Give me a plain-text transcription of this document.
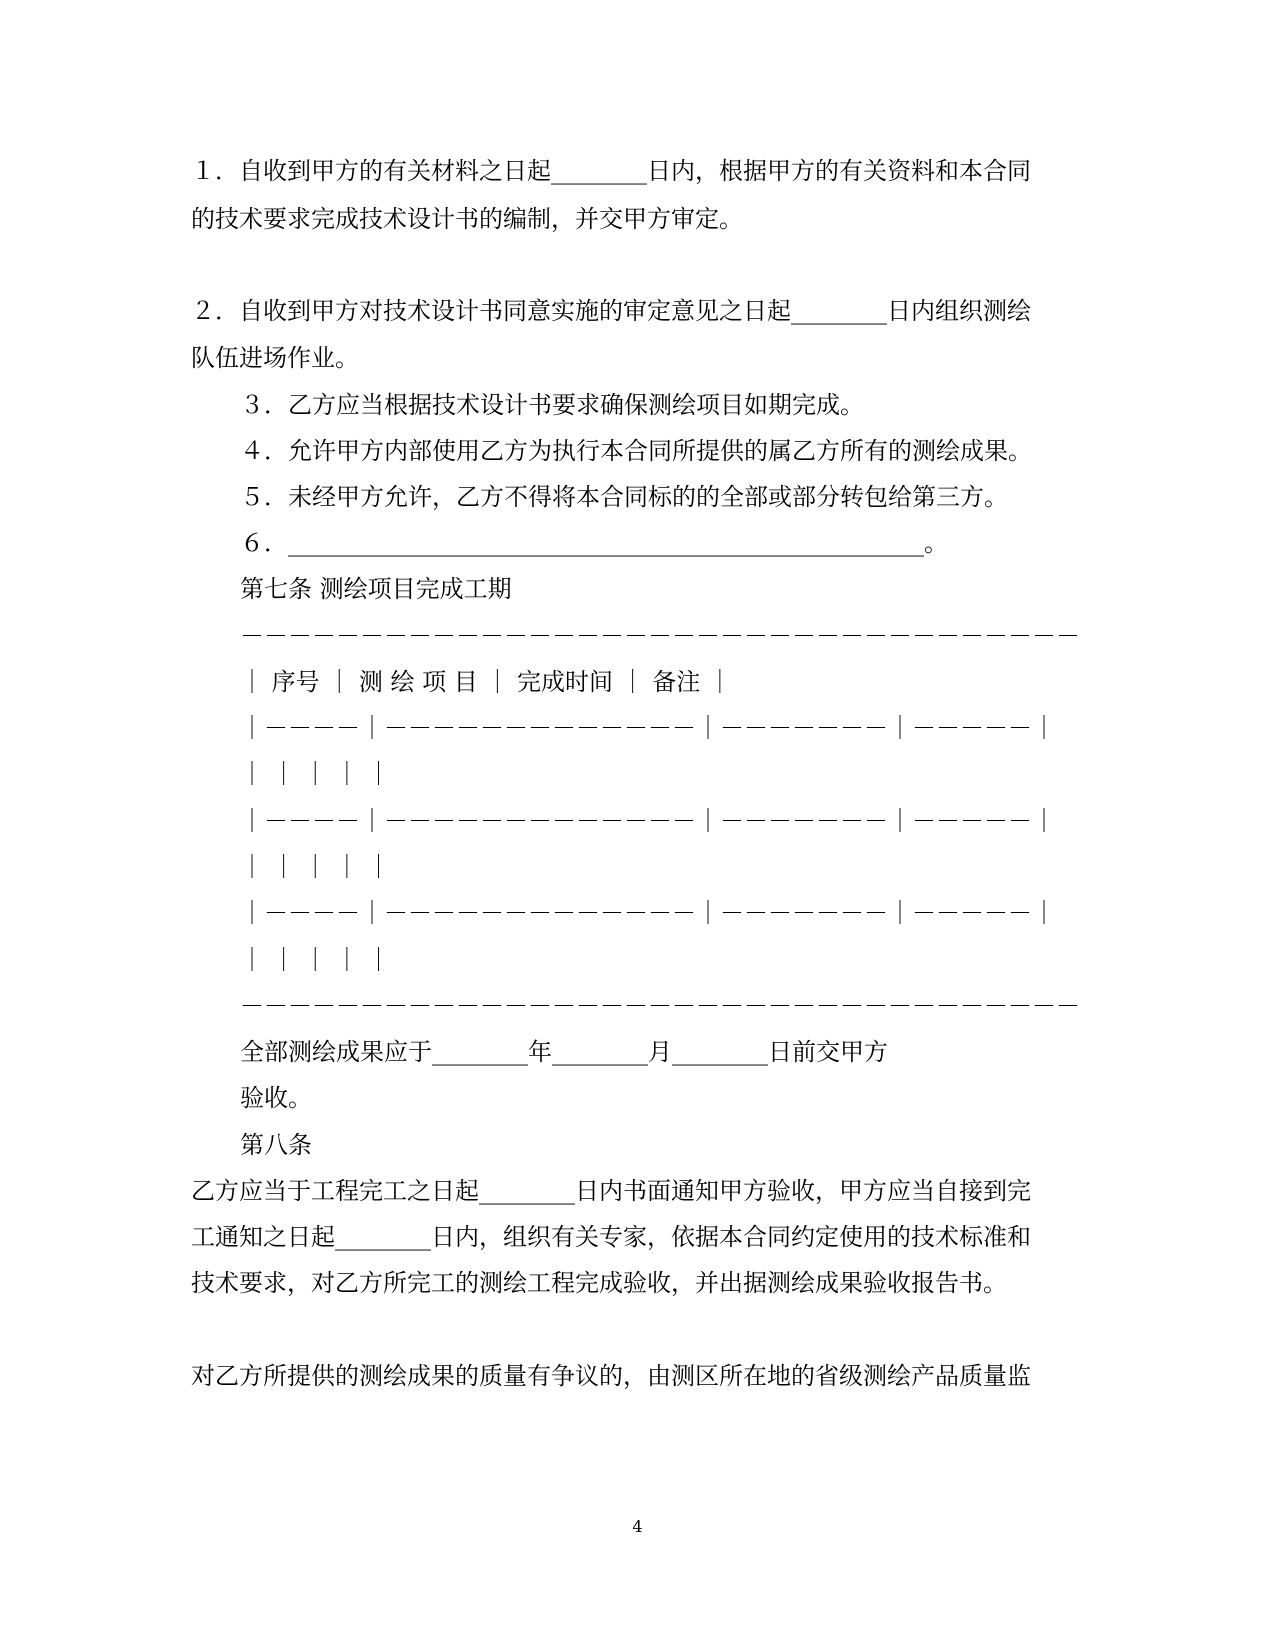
１．自收到甲方的有关材料之日起________日内，根据甲方的有关资料和本合同
的技术要求完成技术设计书的编制，并交甲方审定。
２．自收到甲方对技术设计书同意实施的审定意见之日起________日内组织测绘
队伍进场作业。
３．乙方应当根据技术设计书要求确保测绘项目如期完成。
４．允许甲方内部使用乙方为执行本合同所提供的属乙方所有的测绘成果。
５．未经甲方允许，乙方不得将本合同标的的全部或部分转包给第三方。
６．_____________________________________________________。
第七条 测绘项目完成工期
－－－－－－－－－－－－－－－－－－－－－－－－－－－－－－－－－－－
｜ 序号 ｜ 测 绘 项 目 ｜ 完成时间 ｜ 备注 ｜
｜－－－－｜－－－－－－－－－－－－－｜－－－－－－－｜－－－－－｜
｜ ｜ ｜ ｜ ｜
｜－－－－｜－－－－－－－－－－－－－｜－－－－－－－｜－－－－－｜
｜ ｜ ｜ ｜ ｜
｜－－－－｜－－－－－－－－－－－－－｜－－－－－－－｜－－－－－｜
｜ ｜ ｜ ｜ ｜
－－－－－－－－－－－－－－－－－－－－－－－－－－－－－－－－－－－
全部测绘成果应于________年________月________日前交甲方
验收。
第八条
乙方应当于工程完工之日起________日内书面通知甲方验收，甲方应当自接到完
工通知之日起________日内，组织有关专家，依据本合同约定使用的技术标准和
技术要求，对乙方所完工的测绘工程完成验收，并出据测绘成果验收报告书。
对乙方所提供的测绘成果的质量有争议的，由测区所在地的省级测绘产品质量监
4
